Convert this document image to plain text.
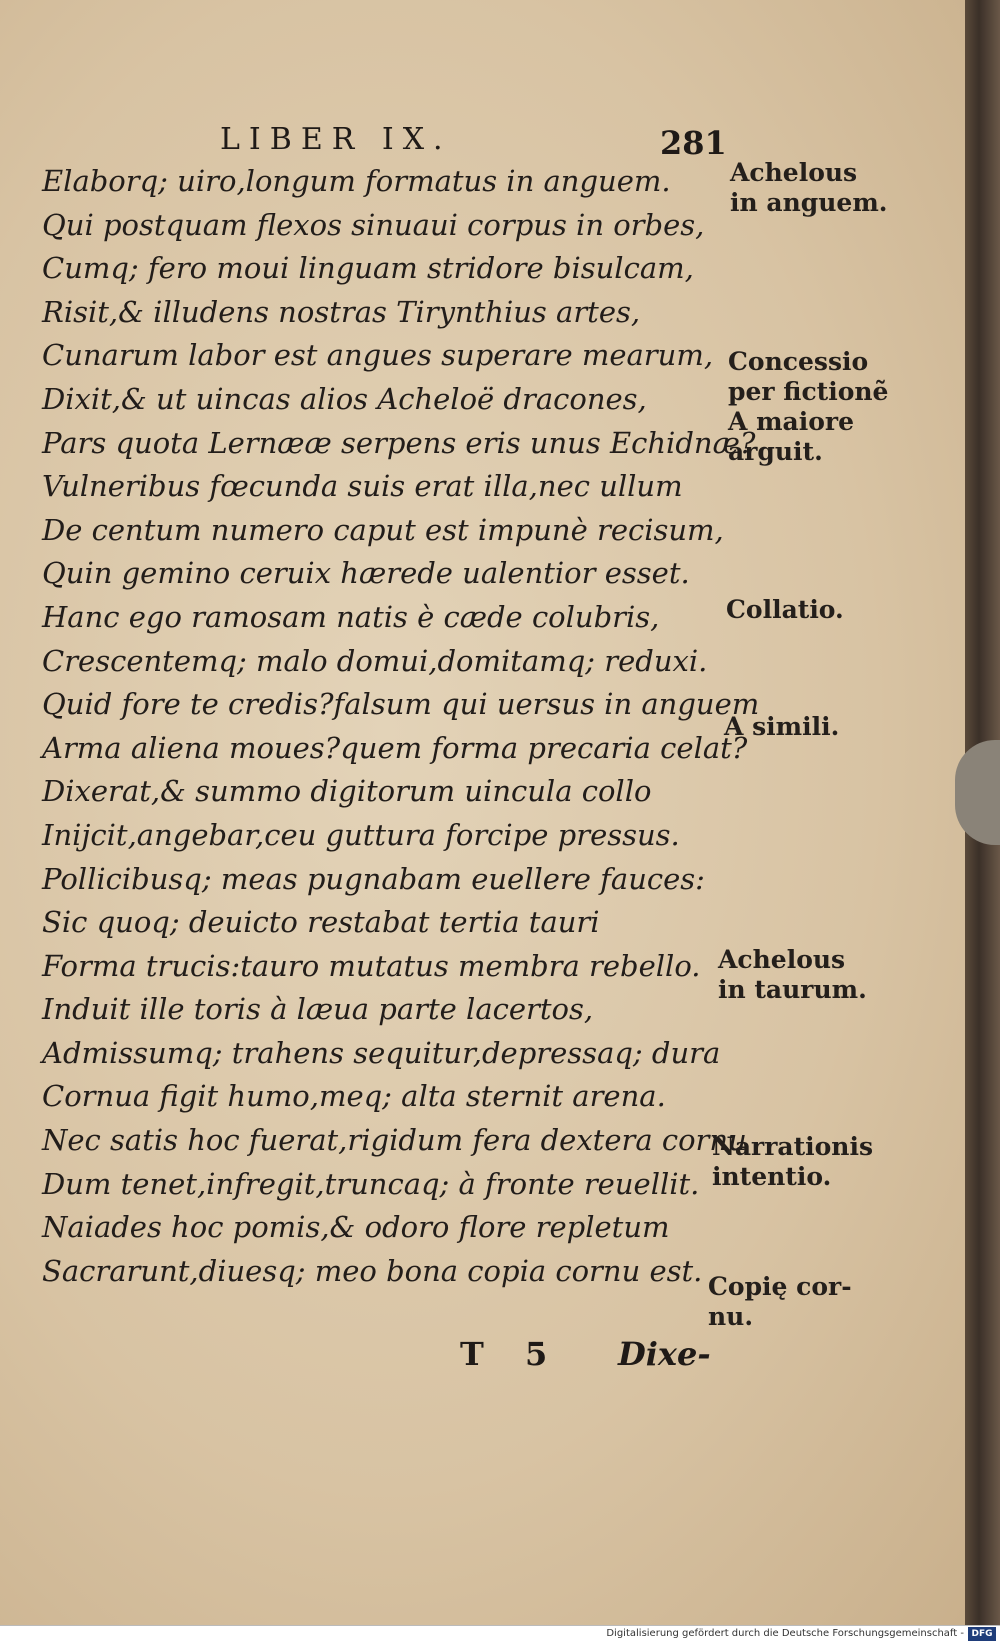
LIBER IX.	281
Elaborq; uiro,longum formatus in anguem.
Qui postquam flexos sinuaui corpus in orbes,
Cumq; fero moui linguam stridore bisulcam,
Risit,& illudens nostras Tirynthius artes,
Cunarum labor est angues superare mearum,
Dixit,& ut uincas alios Acheloë dracones,
Pars quota Lernææ serpens eris unus Echidnæ?
Vulneribus fœcunda suis erat illa,nec ullum
De centum numero caput est impunè recisum,
Quin gemino ceruix hærede ualentior esset.
Hanc ego ramosam natis è cæde colubris,
Crescentemq; malo domui,domitamq; reduxi.
Quid fore te credis?falsum qui uersus in anguem
Arma aliena moues?quem forma precaria celat?
Dixerat,& summo digitorum uincula collo
Iniјcit,angebar,ceu guttura forcipe pressus.
Pollicibusq; meas pugnabam euellere fauces:
Sic quoq; deuicto restabat tertia tauri
Forma trucis:tauro mutatus membra rebello.
Induit ille toris à læua parte lacertos,
Admissumq; trahens sequitur,depressaq; dura
Cornua figit humo,meq; alta sternit arena.
Nec satis hoc fuerat,rigidum fera dextera cornu
Dum tenet,infregit,truncaq; à fronte reuellit.
Naiades hoc pomis,& odoro flore repletum
Sacrarunt,diuesq; meo bona copia cornu est.
Achelous
in anguem.
Concessio
per fictionẽ
A maiore
arguit.
Collatio.
A simili.
Achelous
in taurum.
Narrationis
intentio.
Copię cor-
nu.
T 5 Dixe-
Digitalisierung gefördert durch die Deutsche Forschungsgemeinschaft - DFG
